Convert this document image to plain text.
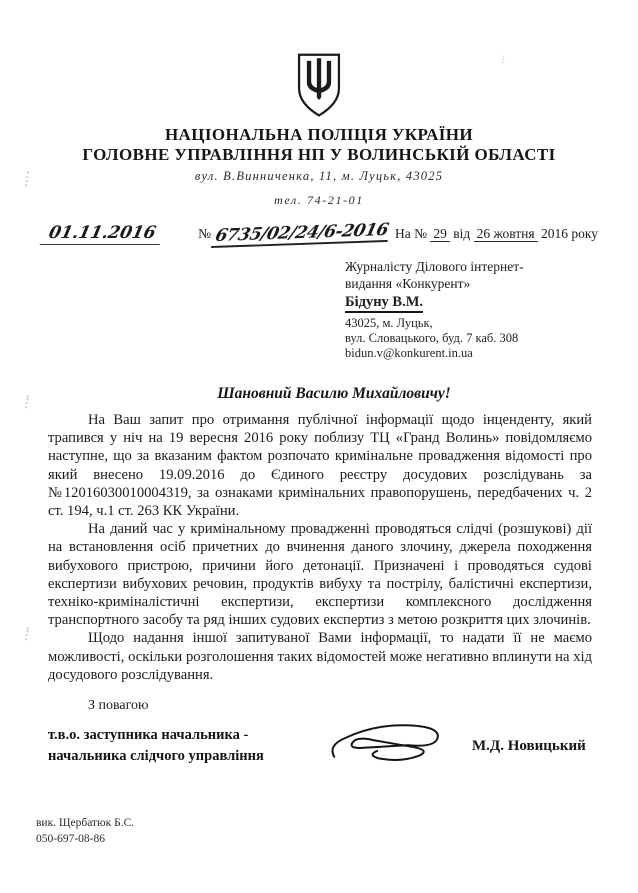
НАЦІОНАЛЬНА ПОЛІЦІЯ УКРАЇНИ
ГОЛОВНЕ УПРАВЛІННЯ НП У ВОЛИНСЬКІЙ ОБЛАСТІ
вул. В.Винниченка, 11, м. Луцьк, 43025
тел. 74-21-01
01.11.2016	№ 6735/02/24/6-2016 На № 29 від 26 жовтня 2016 року
Журналісту Ділового інтернет-
видання «Конкурент»
Бідуну В.М.
43025, м. Луцьк,
вул. Словацького, буд. 7 каб. 308
bidun.v@konkurent.in.ua
Шановний Василю Михайловичу!

На Ваш запит про отримання публічної інформації щодо інценденту, який трапився у ніч на 19 вересня 2016 року поблизу ТЦ «Гранд Волинь» повідомляємо наступне, що за вказаним фактом розпочато кримінальне провадження відомості про який внесено 19.09.2016 до Єдиного реєстру досудових розслідувань за №12016030010004319, за ознаками кримінальних правопорушень, передбачених ч. 2 ст. 194, ч.1 ст. 263 КК України.

На даний час у кримінальному провадженні проводяться слідчі (розшукові) дії на встановлення осіб причетних до вчинення даного злочину, джерела походження вибухового пристрою, причини його детонації. Призначені і проводяться судові експертизи вибухових речовин, продуктів вибуху та пострілу, балістичні експертизи, техніко-криміналістичні експертизи, експертизи комплексного дослідження транспортного засобу та ряд інших судових експертиз з метою розкриття цих злочинів.

Щодо надання іншої запитуваної Вами інформації, то надати її не маємо можливості, оскільки розголошення таких відомостей може негативно вплинути на хід досудового розслідування.

З повагою
т.в.о. заступника начальника -
начальника слідчого управління
М.Д. Новицький
вик. Щербатюк Б.С.
050-697-08-86
